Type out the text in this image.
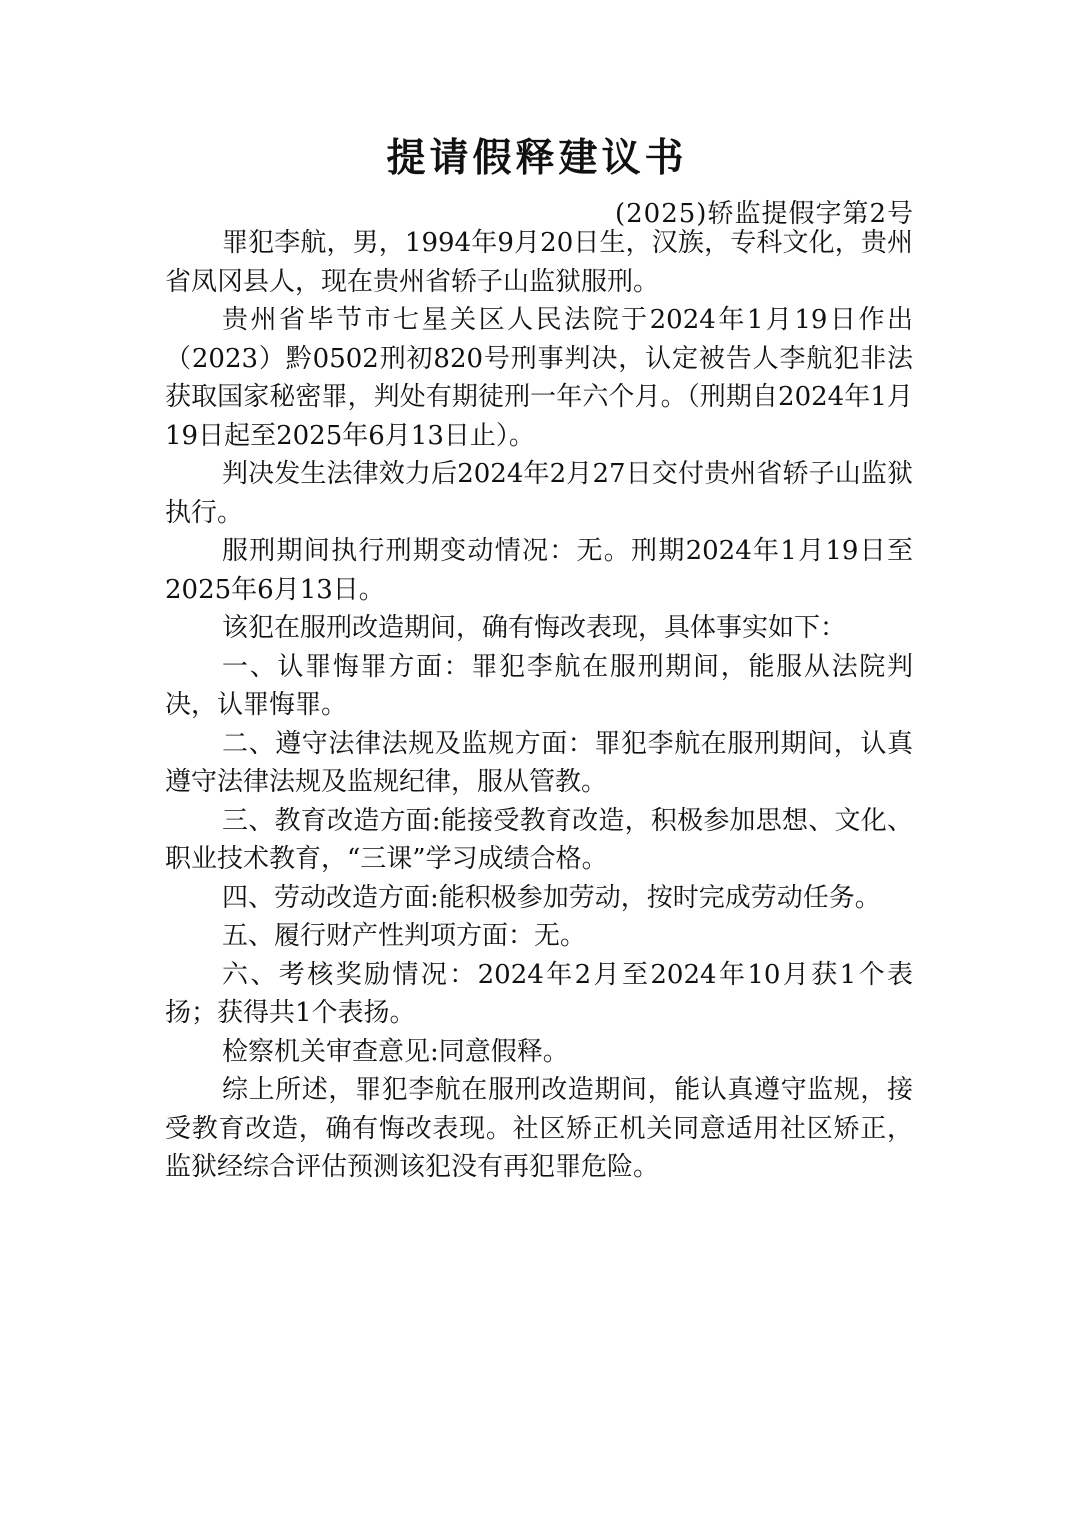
提请假释建议书
(2025)轿监提假字第2号

罪犯李航，男，1994年9月20日生，汉族，专科文化，贵州省凤冈县人，现在贵州省轿子山监狱服刑。

贵州省毕节市七星关区人民法院于2024年1月19日作出（2023）黔0502刑初820号刑事判决，认定被告人李航犯非法获取国家秘密罪，判处有期徒刑一年六个月。（刑期自2024年1月19日起至2025年6月13日止）。

判决发生法律效力后2024年2月27日交付贵州省轿子山监狱执行。

服刑期间执行刑期变动情况：无。刑期2024年1月19日至2025年6月13日。

该犯在服刑改造期间，确有悔改表现，具体事实如下：

一、认罪悔罪方面：罪犯李航在服刑期间，能服从法院判决，认罪悔罪。

二、遵守法律法规及监规方面：罪犯李航在服刑期间，认真遵守法律法规及监规纪律，服从管教。

三、教育改造方面:能接受教育改造，积极参加思想、文化、职业技术教育，“三课”学习成绩合格。

四、劳动改造方面:能积极参加劳动，按时完成劳动任务。

五、履行财产性判项方面：无。

六、考核奖励情况：2024年2月至2024年10月获1个表扬；获得共1个表扬。

检察机关审查意见:同意假释。

综上所述，罪犯李航在服刑改造期间，能认真遵守监规，接受教育改造，确有悔改表现。社区矫正机关同意适用社区矫正，监狱经综合评估预测该犯没有再犯罪危险。
